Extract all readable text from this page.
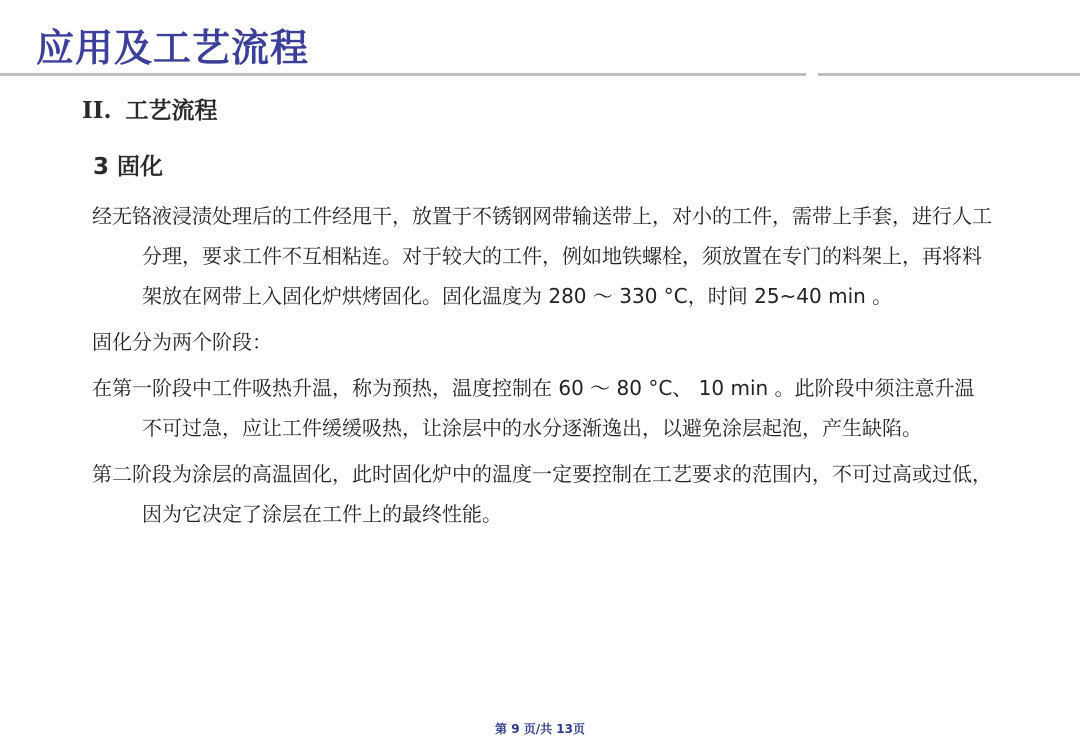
应用及工艺流程
II. 工艺流程
3 固化

经无铬液浸渍处理后的工件经甩干，放置于不锈钢网带输送带上，对小的工件，需带上手套，进行人工分理，要求工件不互相粘连。对于较大的工件，例如地铁螺栓，须放置在专门的料架上，再将料架放在网带上入固化炉烘烤固化。固化温度为 280 ～ 330 °C，时间 25~40 min 。

固化分为两个阶段：

在第一阶段中工件吸热升温，称为预热，温度控制在 60 ～ 80 °C、 10 min 。此阶段中须注意升温不可过急，应让工件缓缓吸热，让涂层中的水分逐渐逸出，以避免涂层起泡，产生缺陷。

第二阶段为涂层的高温固化，此时固化炉中的温度一定要控制在工艺要求的范围内，不可过高或过低，因为它决定了涂层在工件上的最终性能。

第 9 页/共 13页
